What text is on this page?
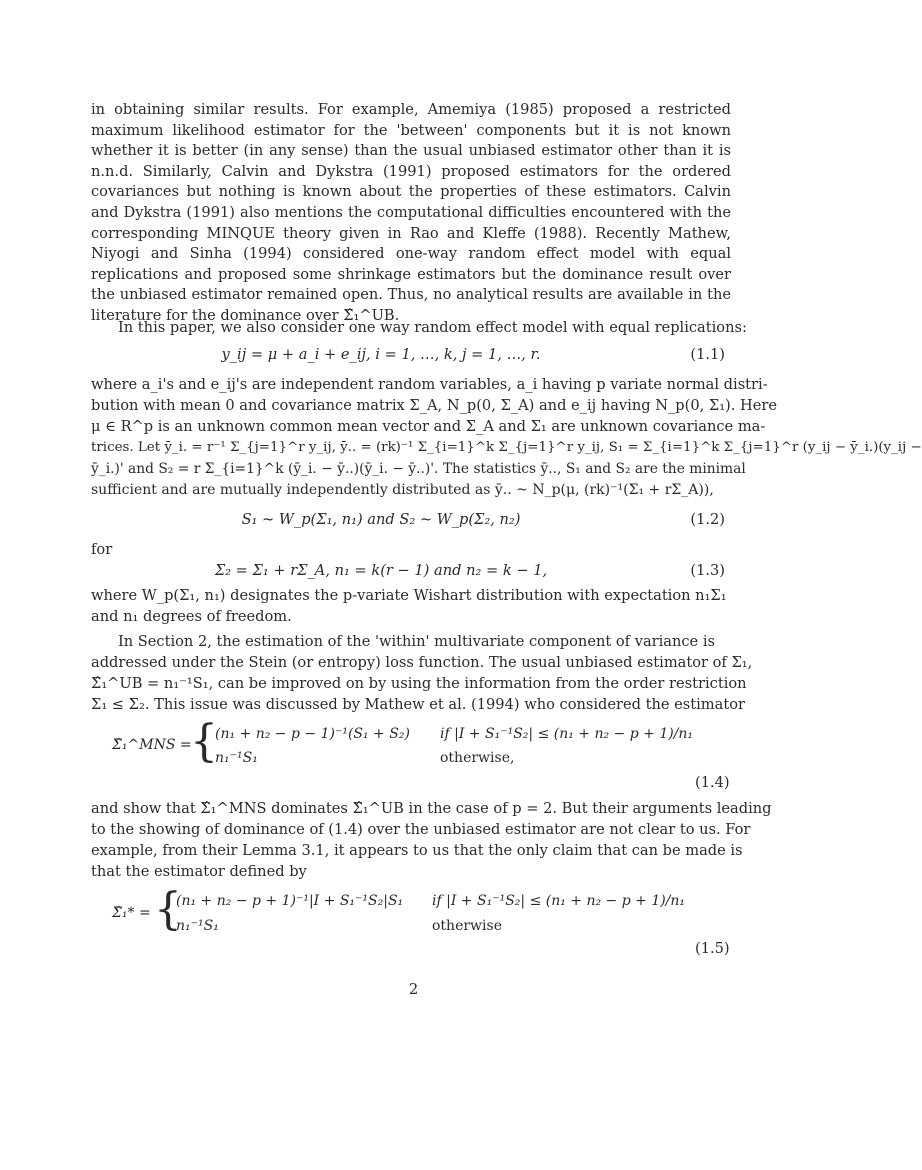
in obtaining similar results. For example, Amemiya (1985) proposed a restricted maximum likelihood estimator for the 'between' components but it is not known whether it is better (in any sense) than the usual unbiased estimator other than it is n.n.d. Similarly, Calvin and Dykstra (1991) proposed estimators for the ordered covariances but nothing is known about the properties of these estimators. Calvin and Dykstra (1991) also mentions the computational difficulties encountered with the corresponding MINQUE theory given in Rao and Kleffe (1988). Recently Mathew, Niyogi and Sinha (1994) considered one-way random effect model with equal replications and proposed some shrinkage estimators but the dominance result over the unbiased estimator remained open. Thus, no analytical results are available in the literature for the dominance over Σ̂₁^UB.
In this paper, we also consider one way random effect model with equal replications:
y_ij = μ + a_i + e_ij, i = 1, …, k, j = 1, …, r.	(1.1)
where a_i's and e_ij's are independent random variables, a_i having p variate normal distri-
bution with mean 0 and covariance matrix Σ_A, N_p(0, Σ_A) and e_ij having N_p(0, Σ₁). Here
μ ∈ R^p is an unknown common mean vector and Σ_A and Σ₁ are unknown covariance ma-
trices. Let ȳ_i. = r⁻¹ Σ_{j=1}^r y_ij, ȳ.. = (rk)⁻¹ Σ_{i=1}^k Σ_{j=1}^r y_ij, S₁ = Σ_{i=1}^k Σ_{j=1}^r (y_ij − ȳ_i.)(y_ij −
ȳ_i.)' and S₂ = r Σ_{i=1}^k (ȳ_i. − ȳ..)(ȳ_i. − ȳ..)'. The statistics ȳ.., S₁ and S₂ are the minimal
sufficient and are mutually independently distributed as ȳ.. ~ N_p(μ, (rk)⁻¹(Σ₁ + rΣ_A)),
S₁ ~ W_p(Σ₁, n₁) and S₂ ~ W_p(Σ₂, n₂)	(1.2)
for
Σ₂ = Σ₁ + rΣ_A, n₁ = k(r − 1) and n₂ = k − 1,	(1.3)
where W_p(Σ₁, n₁) designates the p-variate Wishart distribution with expectation n₁Σ₁
and n₁ degrees of freedom.
In Section 2, the estimation of the 'within' multivariate component of variance is
addressed under the Stein (or entropy) loss function. The usual unbiased estimator of Σ₁,
Σ̂₁^UB = n₁⁻¹S₁, can be improved on by using the information from the order restriction
Σ₁ ≤ Σ₂. This issue was discussed by Mathew et al. (1994) who considered the estimator
Σ̂₁^MNS =
{
(n₁ + n₂ − p − 1)⁻¹(S₁ + S₂) if |I + S₁⁻¹S₂| ≤ (n₁ + n₂ − p + 1)/n₁
n₁⁻¹S₁	otherwise,
(1.4)
and show that Σ̂₁^MNS dominates Σ̂₁^UB in the case of p = 2. But their arguments leading
to the showing of dominance of (1.4) over the unbiased estimator are not clear to us. For
example, from their Lemma 3.1, it appears to us that the only claim that can be made is
that the estimator defined by
Σ̂₁* = {
(n₁ + n₂ − p + 1)⁻¹|I + S₁⁻¹S₂|S₁ if |I + S₁⁻¹S₂| ≤ (n₁ + n₂ − p + 1)/n₁
n₁⁻¹S₁	otherwise
(1.5)
2
